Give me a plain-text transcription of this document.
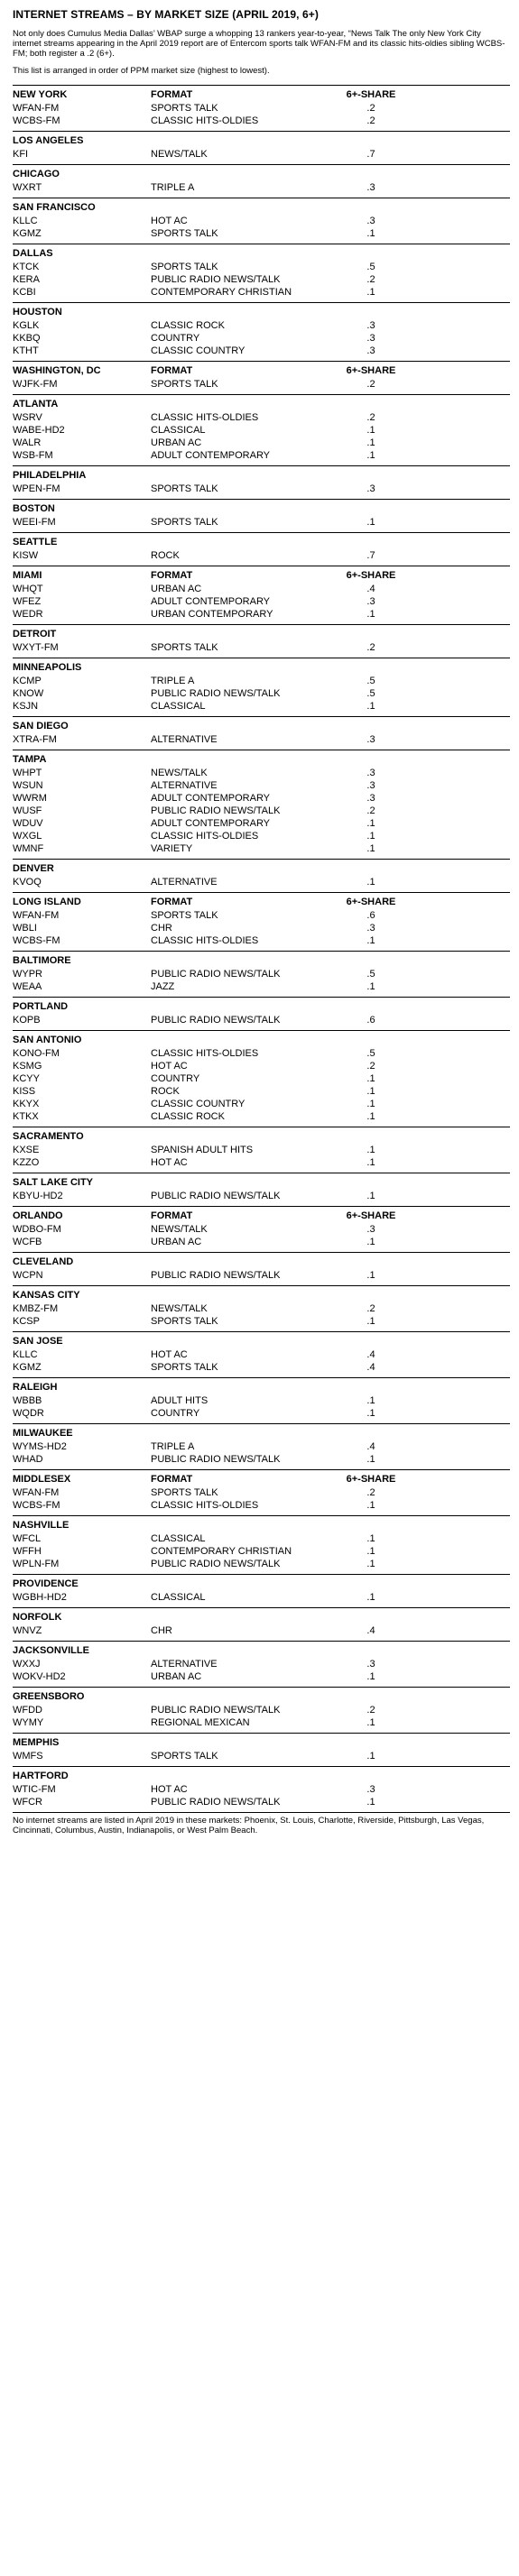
INTERNET STREAMS – BY MARKET SIZE (APRIL 2019, 6+)
Not only does Cumulus Media Dallas’ WBAP surge a whopping 13 rankers year-to-year, “News Talk The only New York City internet streams appearing in the April 2019 report are of Entercom sports talk WFAN-FM and its classic hits-oldies sibling WCBS-FM; both register a .2 (6+).
This list is arranged in order of PPM market size (highest to lowest).
NEW YORK	FORMAT	6+-SHARE
WFAN-FM	SPORTS TALK	.2
WCBS-FM	CLASSIC HITS-OLDIES	.2
LOS ANGELES
KFI	NEWS/TALK	.7
CHICAGO
WXRT	TRIPLE A	.3
SAN FRANCISCO
KLLC	HOT AC	.3
KGMZ	SPORTS TALK	.1
DALLAS
KTCK	SPORTS TALK	.5
KERA	PUBLIC RADIO NEWS/TALK	.2
KCBI	CONTEMPORARY CHRISTIAN	.1
HOUSTON
KGLK	CLASSIC ROCK	.3
KKBQ	COUNTRY	.3
KTHT	CLASSIC COUNTRY	.3
WASHINGTON, DC	FORMAT	6+-SHARE
WJFK-FM	SPORTS TALK	.2
ATLANTA
WSRV	CLASSIC HITS-OLDIES	.2
WABE-HD2	CLASSICAL	.1
WALR	URBAN AC	.1
WSB-FM	ADULT CONTEMPORARY	.1
PHILADELPHIA
WPEN-FM	SPORTS TALK	.3
BOSTON
WEEI-FM	SPORTS TALK	.1
SEATTLE
KISW	ROCK	.7
MIAMI	FORMAT	6+-SHARE
WHQT	URBAN AC	.4
WFEZ	ADULT CONTEMPORARY	.3
WEDR	URBAN CONTEMPORARY	.1
DETROIT
WXYT-FM	SPORTS TALK	.2
MINNEAPOLIS
KCMP	TRIPLE A	.5
KNOW	PUBLIC RADIO NEWS/TALK	.5
KSJN	CLASSICAL	.1
SAN DIEGO
XTRA-FM	ALTERNATIVE	.3
TAMPA
WHPT	NEWS/TALK	.3
WSUN	ALTERNATIVE	.3
WWRM	ADULT CONTEMPORARY	.3
WUSF	PUBLIC RADIO NEWS/TALK	.2
WDUV	ADULT CONTEMPORARY	.1
WXGL	CLASSIC HITS-OLDIES	.1
WMNF	VARIETY	.1
DENVER
KVOQ	ALTERNATIVE	.1
LONG ISLAND	FORMAT	6+-SHARE
WFAN-FM	SPORTS TALK	.6
WBLI	CHR	.3
WCBS-FM	CLASSIC HITS-OLDIES	.1
BALTIMORE
WYPR	PUBLIC RADIO NEWS/TALK	.5
WEAA	JAZZ	.1
PORTLAND
KOPB	PUBLIC RADIO NEWS/TALK	.6
SAN ANTONIO
KONO-FM	CLASSIC HITS-OLDIES	.5
KSMG	HOT AC	.2
KCYY	COUNTRY	.1
KISS	ROCK	.1
KKYX	CLASSIC COUNTRY	.1
KTKX	CLASSIC ROCK	.1
SACRAMENTO
KXSE	SPANISH ADULT HITS	.1
KZZO	HOT AC	.1
SALT LAKE CITY
KBYU-HD2	PUBLIC RADIO NEWS/TALK	.1
ORLANDO	FORMAT	6+-SHARE
WDBO-FM	NEWS/TALK	.3
WCFB	URBAN AC	.1
CLEVELAND
WCPN	PUBLIC RADIO NEWS/TALK	.1
KANSAS CITY
KMBZ-FM	NEWS/TALK	.2
KCSP	SPORTS TALK	.1
SAN JOSE
KLLC	HOT AC	.4
KGMZ	SPORTS TALK	.4
RALEIGH
WBBB	ADULT HITS	.1
WQDR	COUNTRY	.1
MILWAUKEE
WYMS-HD2	TRIPLE A	.4
WHAD	PUBLIC RADIO NEWS/TALK	.1
MIDDLESEX	FORMAT	6+-SHARE
WFAN-FM	SPORTS TALK	.2
WCBS-FM	CLASSIC HITS-OLDIES	.1
NASHVILLE
WFCL	CLASSICAL	.1
WFFH	CONTEMPORARY CHRISTIAN	.1
WPLN-FM	PUBLIC RADIO NEWS/TALK	.1
PROVIDENCE
WGBH-HD2	CLASSICAL	.1
NORFOLK
WNVZ	CHR	.4
JACKSONVILLE
WXXJ	ALTERNATIVE	.3
WOKV-HD2	URBAN AC	.1
GREENSBORO
WFDD	PUBLIC RADIO NEWS/TALK	.2
WYMY	REGIONAL MEXICAN	.1
MEMPHIS
WMFS	SPORTS TALK	.1
HARTFORD
WTIC-FM	HOT AC	.3
WFCR	PUBLIC RADIO NEWS/TALK	.1
No internet streams are listed in April 2019 in these markets: Phoenix, St. Louis, Charlotte, Riverside, Pittsburgh, Las Vegas, Cincinnati, Columbus, Austin, Indianapolis, or West Palm Beach.
